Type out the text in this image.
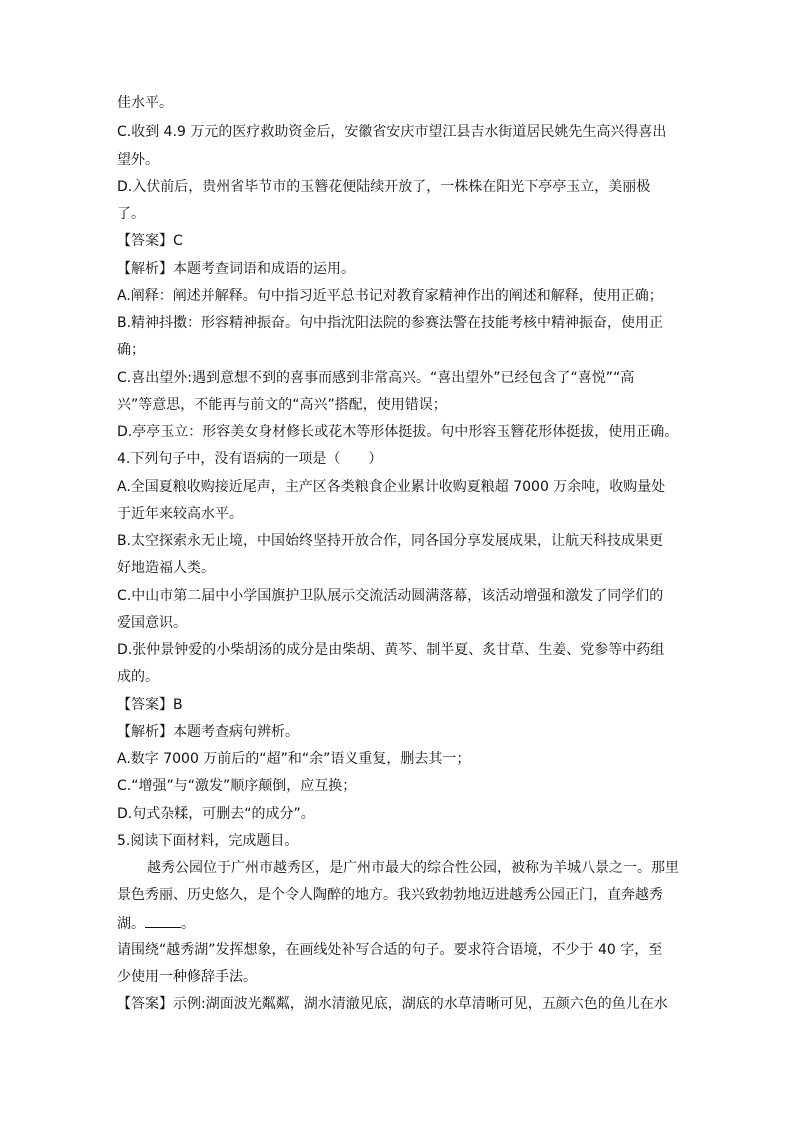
佳水平。
C.收到 4.9 万元的医疗救助资金后，安徽省安庆市望江县吉水街道居民姚先生高兴得喜出
望外。
D.入伏前后，贵州省毕节市的玉簪花便陆续开放了，一株株在阳光下亭亭玉立，美丽极
了。
【答案】C
【解析】本题考查词语和成语的运用。
A.阐释：阐述并解释。句中指习近平总书记对教育家精神作出的阐述和解释，使用正确；
B.精神抖擞：形容精神振奋。句中指沈阳法院的参赛法警在技能考核中精神振奋，使用正
确；
C.喜出望外:遇到意想不到的喜事而感到非常高兴。“喜出望外”已经包含了“喜悦”“高
兴”等意思，不能再与前文的“高兴”搭配，使用错误；
D.亭亭玉立：形容美女身材修长或花木等形体挺拔。句中形容玉簪花形体挺拔，使用正确。
4.下列句子中，没有语病的一项是（　　）
A.全国夏粮收购接近尾声，主产区各类粮食企业累计收购夏粮超 7000 万余吨，收购量处
于近年来较高水平。
B.太空探索永无止境，中国始终坚持开放合作，同各国分享发展成果，让航天科技成果更
好地造福人类。
C.中山市第二届中小学国旗护卫队展示交流活动圆满落幕，该活动增强和激发了同学们的
爱国意识。
D.张仲景钟爱的小柴胡汤的成分是由柴胡、黄芩、制半夏、炙甘草、生姜、党参等中药组
成的。
【答案】B
【解析】本题考查病句辨析。
A.数字 7000 万前后的“超”和“余”语义重复，删去其一；
C.“增强”与“激发”顺序颠倒，应互换；
D.句式杂糅，可删去“的成分”。
5.阅读下面材料，完成题目。
越秀公园位于广州市越秀区，是广州市最大的综合性公园，被称为羊城八景之一。那里
景色秀丽、历史悠久，是个令人陶醉的地方。我兴致勃勃地迈进越秀公园正门，直奔越秀
湖。	。
请围绕“越秀湖”发挥想象，在画线处补写合适的句子。要求符合语境，不少于 40 字，至
少使用一种修辞手法。
【答案】示例:湖面波光粼粼，湖水清澈见底，湖底的水草清晰可见，五颜六色的鱼儿在水
